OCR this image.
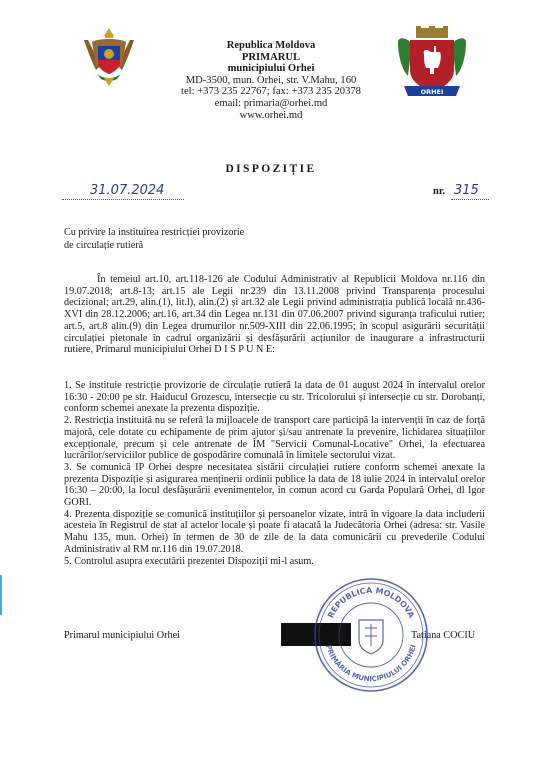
ORHEI
Republica Moldova
PRIMARUL
municipiului Orhei
MD-3500, mun. Orhei, str. V.Mahu, 160
tel: +373 235 22767; fax: +373 235 20378
email: primaria@orhei.md
www.orhei.md
DISPOZIȚIE
31.07.2024	nr. 315
Cu privire la instituirea restricției provizorie
de circulație rutieră

În temeiul art.10, art.118-126 ale Codului Administrativ al Republicii Moldova nr.116 din 19.07.2018; art.8-13; art.15 ale Legii nr.239 din 13.11.2008 privind Transparența procesului decizional; art.29, alin.(1), lit.l), alin.(2) și art.32 ale Legii privind administrația publică locală nr.436-XVI din 28.12.2006; art.16, art.34 din Legea nr.131 din 07.06.2007 privind siguranța traficului rutier; art.5, art.8 alin.(9) din Legea drumurilor nr.509-XIII din 22.06.1995; în scopul asigurării securității circulației pietonale în cadrul organizării și desfășurării acțiunilor de inaugurare a infrastructurii rutiere, Primarul municipiului Orhei D I S P U N E:

1. Se instituie restricție provizorie de circulație rutieră la data de 01 august 2024 în intervalul orelor 16:30 - 20:00 pe str. Haiducul Grozescu, intersecție cu str. Tricolorului și intersecție cu str. Dorobanți, conform schemei anexate la prezenta dispoziție.

2. Restricția instituită nu se referă la mijloacele de transport care participă la intervenții în caz de forță majoră, cele dotate cu echipamente de prim ajutor și/sau antrenate la prevenire, lichidarea situațiilor excepționale, precum și cele antrenate de ÎM "Servicii Comunal-Locative" Orhei, la efectuarea lucrărilor/serviciilor publice de gospodărire comunală în limitele sectorului vizat.

3. Se comunică IP Orhei despre necesitatea sistării circulației rutiere conform schemei anexate la prezenta Dispoziție și asigurarea menținerii ordinii publice la data de 18 iulie 2024 în intervalul orelor 16:30 – 20:00, la locul desfășurării evenimentelor, în comun acord cu Garda Populară Orhei, dl Igor GORI.

4. Prezenta dispoziție se comunică instituțiilor și persoanelor vizate, intră în vigoare la data includerii acesteia în Registrul de stat al actelor locale și poate fi atacată la Judecătoria Orhei (adresa: str. Vasile Mahu 135, mun. Orhei) în termen de 30 de zile de la data comunicării cu prevederile Codului Administrativ al RM nr.116 din 19.07.2018.

5. Controlul asupra executării prezentei Dispoziții mi-l asum.

Primarul municipiului Orhei	Tatiana COCIU
REPUBLICA MOLDOVA
PRIMĂRIA MUNICIPIULUI ORHEI
